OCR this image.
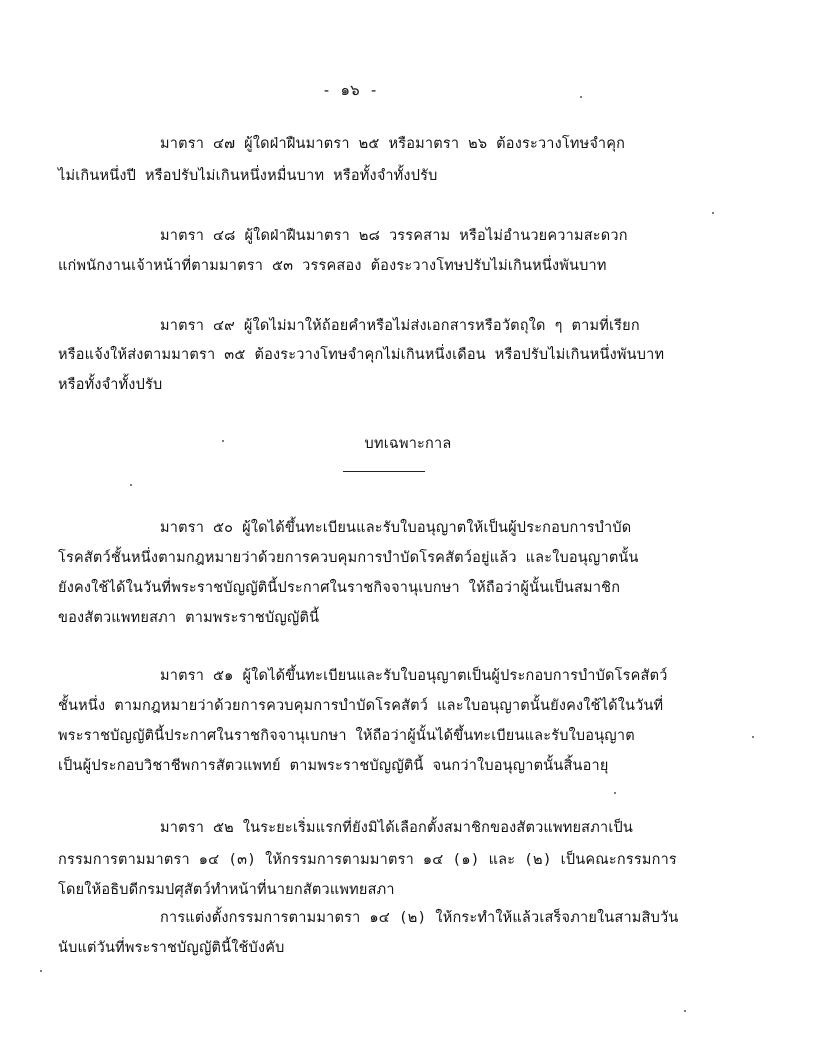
- ๑๖ -
มาตรา ๔๗ ผู้ใดฝ่าฝืนมาตรา ๒๕ หรือมาตรา ๒๖ ต้องระวางโทษจำคุก
ไม่เกินหนึ่งปี หรือปรับไม่เกินหนึ่งหมื่นบาท หรือทั้งจำทั้งปรับ
มาตรา ๔๘ ผู้ใดฝ่าฝืนมาตรา ๒๘ วรรคสาม หรือไม่อำนวยความสะดวก
แก่พนักงานเจ้าหน้าที่ตามมาตรา ๕๓ วรรคสอง ต้องระวางโทษปรับไม่เกินหนึ่งพันบาท
มาตรา ๔๙ ผู้ใดไม่มาให้ถ้อยคำหรือไม่ส่งเอกสารหรือวัตถุใด ๆ ตามที่เรียก
หรือแจ้งให้ส่งตามมาตรา ๓๕ ต้องระวางโทษจำคุกไม่เกินหนึ่งเดือน หรือปรับไม่เกินหนึ่งพันบาท
หรือทั้งจำทั้งปรับ
บทเฉพาะกาล
มาตรา ๕๐ ผู้ใดได้ขึ้นทะเบียนและรับใบอนุญาตให้เป็นผู้ประกอบการบำบัด
โรคสัตว์ชั้นหนึ่งตามกฎหมายว่าด้วยการควบคุมการบำบัดโรคสัตว์อยู่แล้ว และใบอนุญาตนั้น
ยังคงใช้ได้ในวันที่พระราชบัญญัตินี้ประกาศในราชกิจจานุเบกษา ให้ถือว่าผู้นั้นเป็นสมาชิก
ของสัตวแพทยสภา ตามพระราชบัญญัตินี้
มาตรา ๕๑ ผู้ใดได้ขึ้นทะเบียนและรับใบอนุญาตเป็นผู้ประกอบการบำบัดโรคสัตว์
ชั้นหนึ่ง ตามกฎหมายว่าด้วยการควบคุมการบำบัดโรคสัตว์ และใบอนุญาตนั้นยังคงใช้ได้ในวันที่
พระราชบัญญัตินี้ประกาศในราชกิจจานุเบกษา ให้ถือว่าผู้นั้นได้ขึ้นทะเบียนและรับใบอนุญาต
เป็นผู้ประกอบวิชาชีพการสัตวแพทย์ ตามพระราชบัญญัตินี้ จนกว่าใบอนุญาตนั้นสิ้นอายุ
มาตรา ๕๒ ในระยะเริ่มแรกที่ยังมิได้เลือกตั้งสมาชิกของสัตวแพทยสภาเป็น
กรรมการตามมาตรา ๑๔ (๓) ให้กรรมการตามมาตรา ๑๔ (๑) และ (๒) เป็นคณะกรรมการ
โดยให้อธิบดีกรมปศุสัตว์ทำหน้าที่นายกสัตวแพทยสภา
การแต่งตั้งกรรมการตามมาตรา ๑๔ (๒) ให้กระทำให้แล้วเสร็จภายในสามสิบวัน
นับแต่วันที่พระราชบัญญัตินี้ใช้บังคับ
